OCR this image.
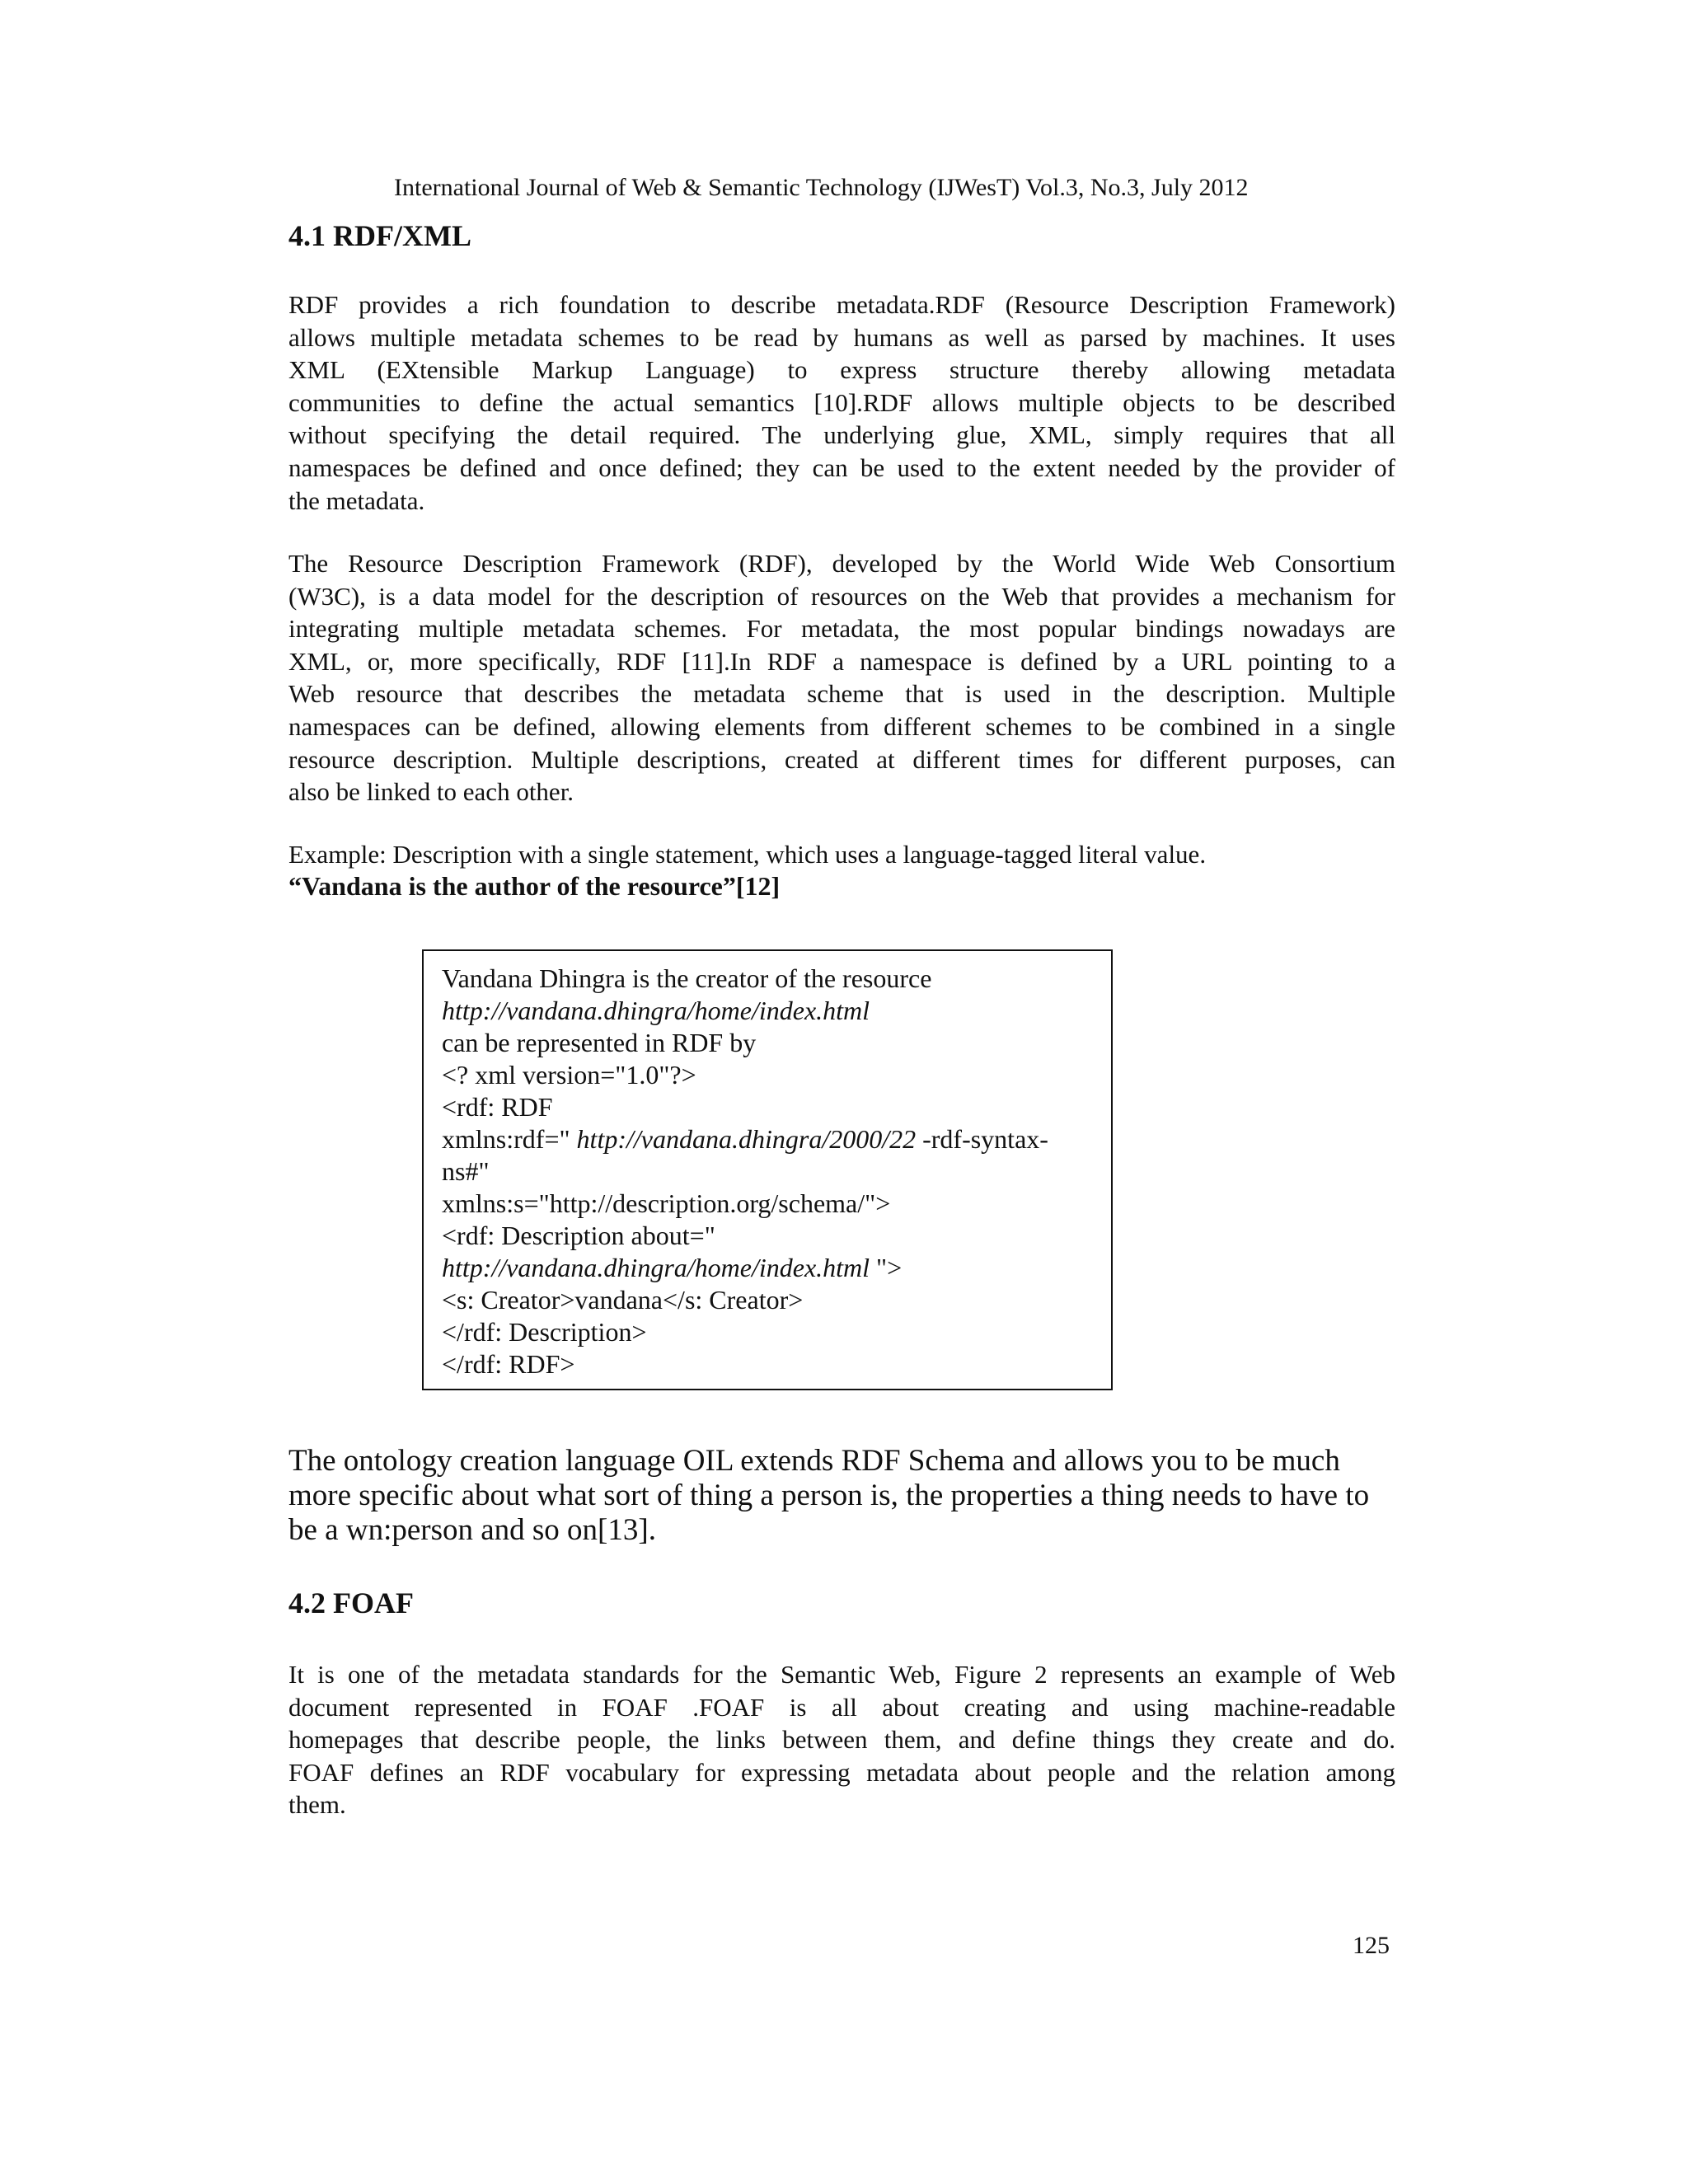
International Journal of Web & Semantic Technology (IJWesT) Vol.3, No.3, July 2012
4.1 RDF/XML
RDF provides a rich foundation to describe metadata.RDF (Resource Description Framework)
allows multiple metadata schemes to be read by humans as well as parsed by machines. It uses
XML (EXtensible Markup Language) to express structure thereby allowing metadata
communities to define the actual semantics [10].RDF allows multiple objects to be described
without specifying the detail required. The underlying glue, XML, simply requires that all
namespaces be defined and once defined; they can be used to the extent needed by the provider of
the metadata.
The Resource Description Framework (RDF), developed by the World Wide Web Consortium
(W3C), is a data model for the description of resources on the Web that provides a mechanism for
integrating multiple metadata schemes. For metadata, the most popular bindings nowadays are
XML, or, more specifically, RDF [11].In RDF a namespace is defined by a URL pointing to a
Web resource that describes the metadata scheme that is used in the description. Multiple
namespaces can be defined, allowing elements from different schemes to be combined in a single
resource description. Multiple descriptions, created at different times for different purposes, can
also be linked to each other.
Example: Description with a single statement, which uses a language-tagged literal value.
“Vandana is the author of the resource”[12]
Vandana Dhingra is the creator of the resource
http://vandana.dhingra/home/index.html
can be represented in RDF by
<? xml version="1.0"?>
<rdf: RDF
xmlns:rdf=" http://vandana.dhingra/2000/22 -rdf-syntax-
ns#"
xmlns:s="http://description.org/schema/">
<rdf: Description about="
http://vandana.dhingra/home/index.html ">
<s: Creator>vandana</s: Creator>
</rdf: Description>
</rdf: RDF>
The ontology creation language OIL extends RDF Schema and allows you to be much
more specific about what sort of thing a person is, the properties a thing needs to have to
be a wn:person and so on[13].
4.2 FOAF
It is one of the metadata standards for the Semantic Web, Figure 2 represents an example of Web
document represented in FOAF .FOAF is all about creating and using machine-readable
homepages that describe people, the links between them, and define things they create and do.
FOAF defines an RDF vocabulary for expressing metadata about people and the relation among
them.
125
